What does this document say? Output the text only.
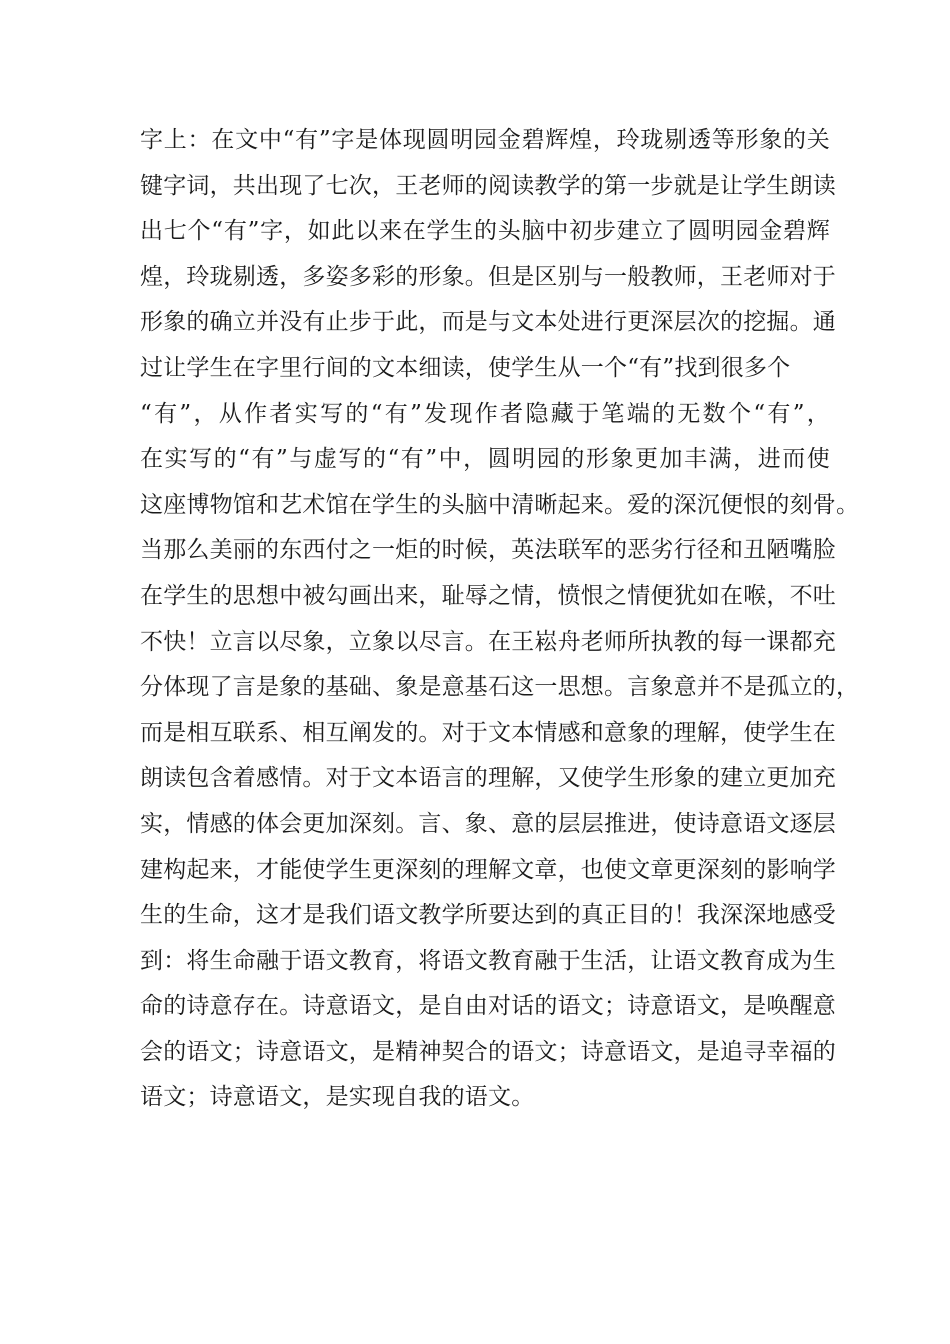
字上：在文中“有”字是体现圆明园金碧辉煌，玲珑剔透等形象的关
键字词，共出现了七次，王老师的阅读教学的第一步就是让学生朗读
出七个“有”字，如此以来在学生的头脑中初步建立了圆明园金碧辉
煌，玲珑剔透，多姿多彩的形象。但是区别与一般教师，王老师对于
形象的确立并没有止步于此，而是与文本处进行更深层次的挖掘。通
过让学生在字里行间的文本细读，使学生从一个“有”找到很多个
“有”，从作者实写的“有”发现作者隐藏于笔端的无数个“有”，
在实写的“有”与虚写的“有”中，圆明园的形象更加丰满，进而使
这座博物馆和艺术馆在学生的头脑中清晰起来。爱的深沉便恨的刻骨。
当那么美丽的东西付之一炬的时候，英法联军的恶劣行径和丑陋嘴脸
在学生的思想中被勾画出来，耻辱之情，愤恨之情便犹如在喉，不吐
不快！立言以尽象，立象以尽言。在王崧舟老师所执教的每一课都充
分体现了言是象的基础、象是意基石这一思想。言象意并不是孤立的，
而是相互联系、相互阐发的。对于文本情感和意象的理解，使学生在
朗读包含着感情。对于文本语言的理解，又使学生形象的建立更加充
实，情感的体会更加深刻。言、象、意的层层推进，使诗意语文逐层
建构起来，才能使学生更深刻的理解文章，也使文章更深刻的影响学
生的生命，这才是我们语文教学所要达到的真正目的！我深深地感受
到：将生命融于语文教育，将语文教育融于生活，让语文教育成为生
命的诗意存在。诗意语文，是自由对话的语文；诗意语文，是唤醒意
会的语文；诗意语文，是精神契合的语文；诗意语文，是追寻幸福的
语文；诗意语文，是实现自我的语文。
